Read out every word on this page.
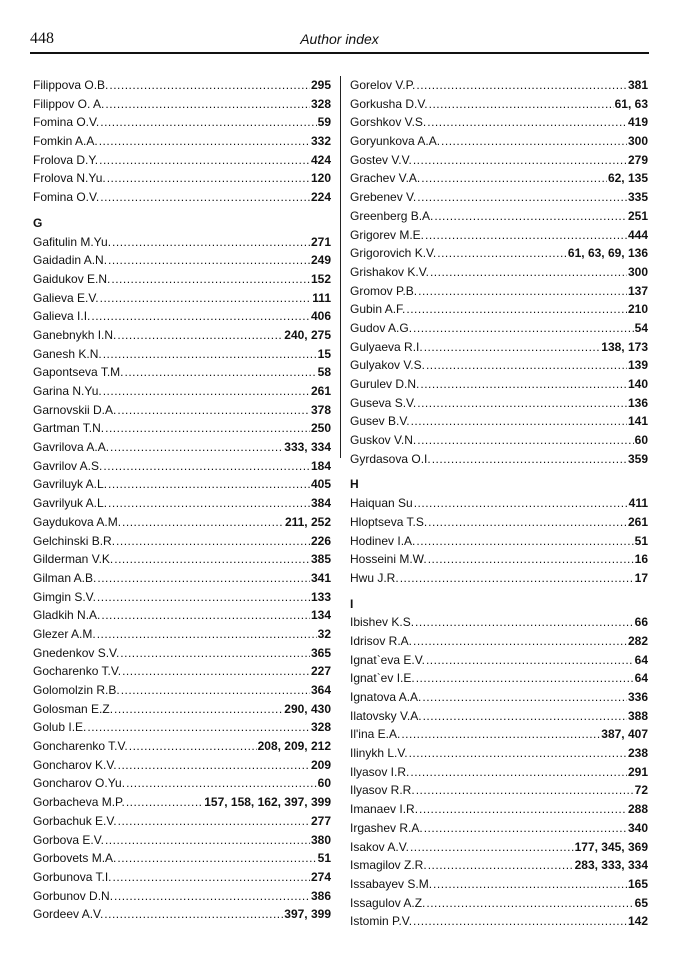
448	Author index
Filippova O.B. .....	295
Filippov O. A. .....	328
Fomina O.V. .....	59
Fomkin A.A. .....	332
Frolova D.Y. .....	424
Frolova N.Yu. .....	120
Fomina O.V. .....	224
G
Gafitulin M.Yu. .....	271
Gaidadin A.N. .....	249
Gaidukov E.N. .....	152
Galieva E.V. .....	111
Galieva I.I. .....	406
Ganebnykh I.N. .....	240, 275
Ganesh K.N. .....	15
Gapontseva T.M. .....	58
Garina N.Yu. .....	261
Garnovskii D.A. .....	378
Gartman T.N. .....	250
Gavrilova A.A. .....	333, 334
Gavrilov A.S. .....	184
Gavriluyk A.L. .....	405
Gavrilyuk A.L. .....	384
Gaydukova A.M. .....	211, 252
Gelchinski B.R. .....	226
Gilderman V.K. .....	385
Gilman A.B. .....	341
Gimgin S.V. .....	133
Gladkih N.A. .....	134
Glezer A.M. .....	32
Gnedenkov S.V. .....	365
Gocharenko T.V. .....	227
Golomolzin R.B. .....	364
Golosman E.Z. .....	290, 430
Golub I.E. .....	328
Goncharenko T.V. .....	208, 209, 212
Goncharov K.V. .....	209
Goncharov O.Yu. .....	60
Gorbacheva M.P. .....	157, 158, 162, 397, 399
Gorbachuk E.V. .....	277
Gorbova E.V. .....	380
Gorbovets M.A. .....	51
Gorbunova T.I. .....	274
Gorbunov D.N. .....	386
Gordeev A.V. .....	397, 399
Gorelov V.P. .....	381
Gorkusha D.V. .....	61, 63
Gorshkov V.S. .....	419
Goryunkova A.A. .....	300
Gostev V.V. .....	279
Grachev V.A. .....	62, 135
Grebenev V. .....	335
Greenberg B.A. .....	251
Grigorev M.E. .....	444
Grigorovich K.V. .....	61, 63, 69, 136
Grishakov K.V. .....	300
Gromov P.B. .....	137
Gubin A.F. .....	210
Gudov A.G. .....	54
Gulyaeva R.I. .....	138, 173
Gulyakov V.S. .....	139
Gurulev D.N. .....	140
Guseva S.V. .....	136
Gusev B.V. .....	141
Guskov V.N. .....	60
Gyrdasova O.I. .....	359
H
Haiquan Su .....	411
Hloptseva T.S. .....	261
Hodinev I.A. .....	51
Hosseini M.W. .....	16
Hwu J.R. .....	17
I
Ibishev K.S. .....	66
Idrisov R.A. .....	282
Ignat`eva E.V. .....	64
Ignat`ev I.E. .....	64
Ignatova A.A. .....	336
Ilatovsky V.A. .....	388
Il'ina E.A. .....	387, 407
Ilinykh L.V. .....	238
Ilyasov I.R. .....	291
Ilyasov R.R. .....	72
Imanaev I.R. .....	288
Irgashev R.A. .....	340
Isakov A.V. .....	177, 345, 369
Ismagilov Z.R. .....	283, 333, 334
Issabayev S.M. .....	165
Issagulov A.Z. .....	65
Istomin P.V. .....	142
